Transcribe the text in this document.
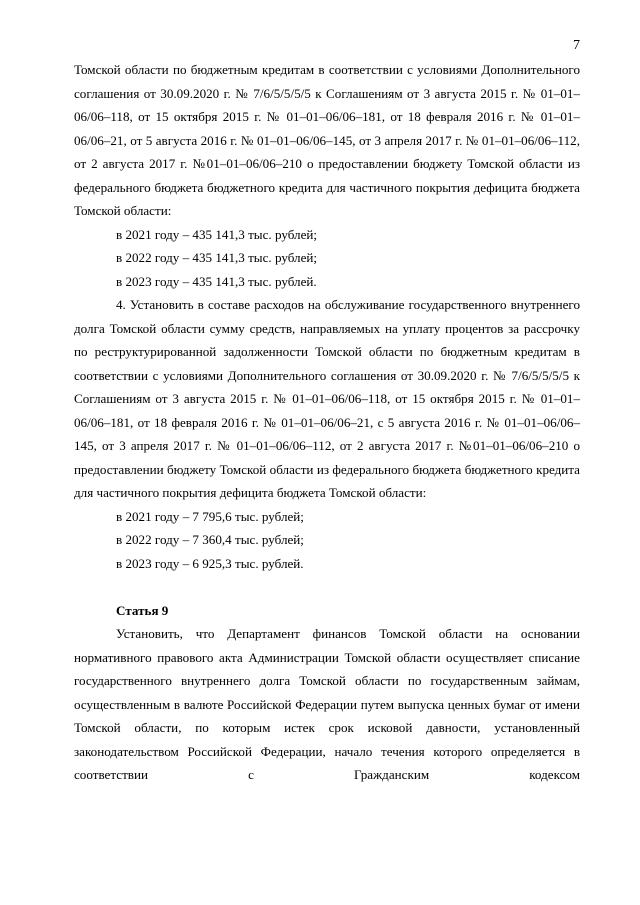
7

Томской области по бюджетным кредитам в соответствии с условиями Дополнительного соглашения от 30.09.2020 г. № 7/6/5/5/5/5 к Соглашениям от 3 августа 2015 г. № 01–01–06/06–118, от 15 октября 2015 г. № 01–01–06/06–181, от 18 февраля 2016 г. № 01–01–06/06–21, от 5 августа 2016 г. № 01–01–06/06–145, от 3 апреля 2017 г. № 01–01–06/06–112, от 2 августа 2017 г. №01–01–06/06–210 о предоставлении бюджету Томской области из федерального бюджета бюджетного кредита для частичного покрытия дефицита бюджета Томской области:

в 2021 году – 435 141,3 тыс. рублей;

в 2022 году – 435 141,3 тыс. рублей;

в 2023 году – 435 141,3 тыс. рублей.

4. Установить в составе расходов на обслуживание государственного внутреннего долга Томской области сумму средств, направляемых на уплату процентов за рассрочку по реструктурированной задолженности Томской области по бюджетным кредитам в соответствии с условиями Дополнительного соглашения от 30.09.2020 г. № 7/6/5/5/5/5 к Соглашениям от 3 августа 2015 г. № 01–01–06/06–118, от 15 октября 2015 г. № 01–01–06/06–181, от 18 февраля 2016 г. № 01–01–06/06–21, с 5 августа 2016 г. № 01–01–06/06–145, от 3 апреля 2017 г. № 01–01–06/06–112, от 2 августа 2017 г. №01–01–06/06–210 о предоставлении бюджету Томской области из федерального бюджета бюджетного кредита для частичного покрытия дефицита бюджета Томской области:

в 2021 году – 7 795,6 тыс. рублей;

в 2022 году – 7 360,4 тыс. рублей;

в 2023 году – 6 925,3 тыс. рублей.

Статья 9

Установить, что Департамент финансов Томской области на основании нормативного правового акта Администрации Томской области осуществляет списание государственного внутреннего долга Томской области по государственным займам, осуществленным в валюте Российской Федерации путем выпуска ценных бумаг от имени Томской области, по которым истек срок исковой давности, установленный законодательством Российской Федерации, начало течения которого определяется в соответствии с Гражданским кодексом
